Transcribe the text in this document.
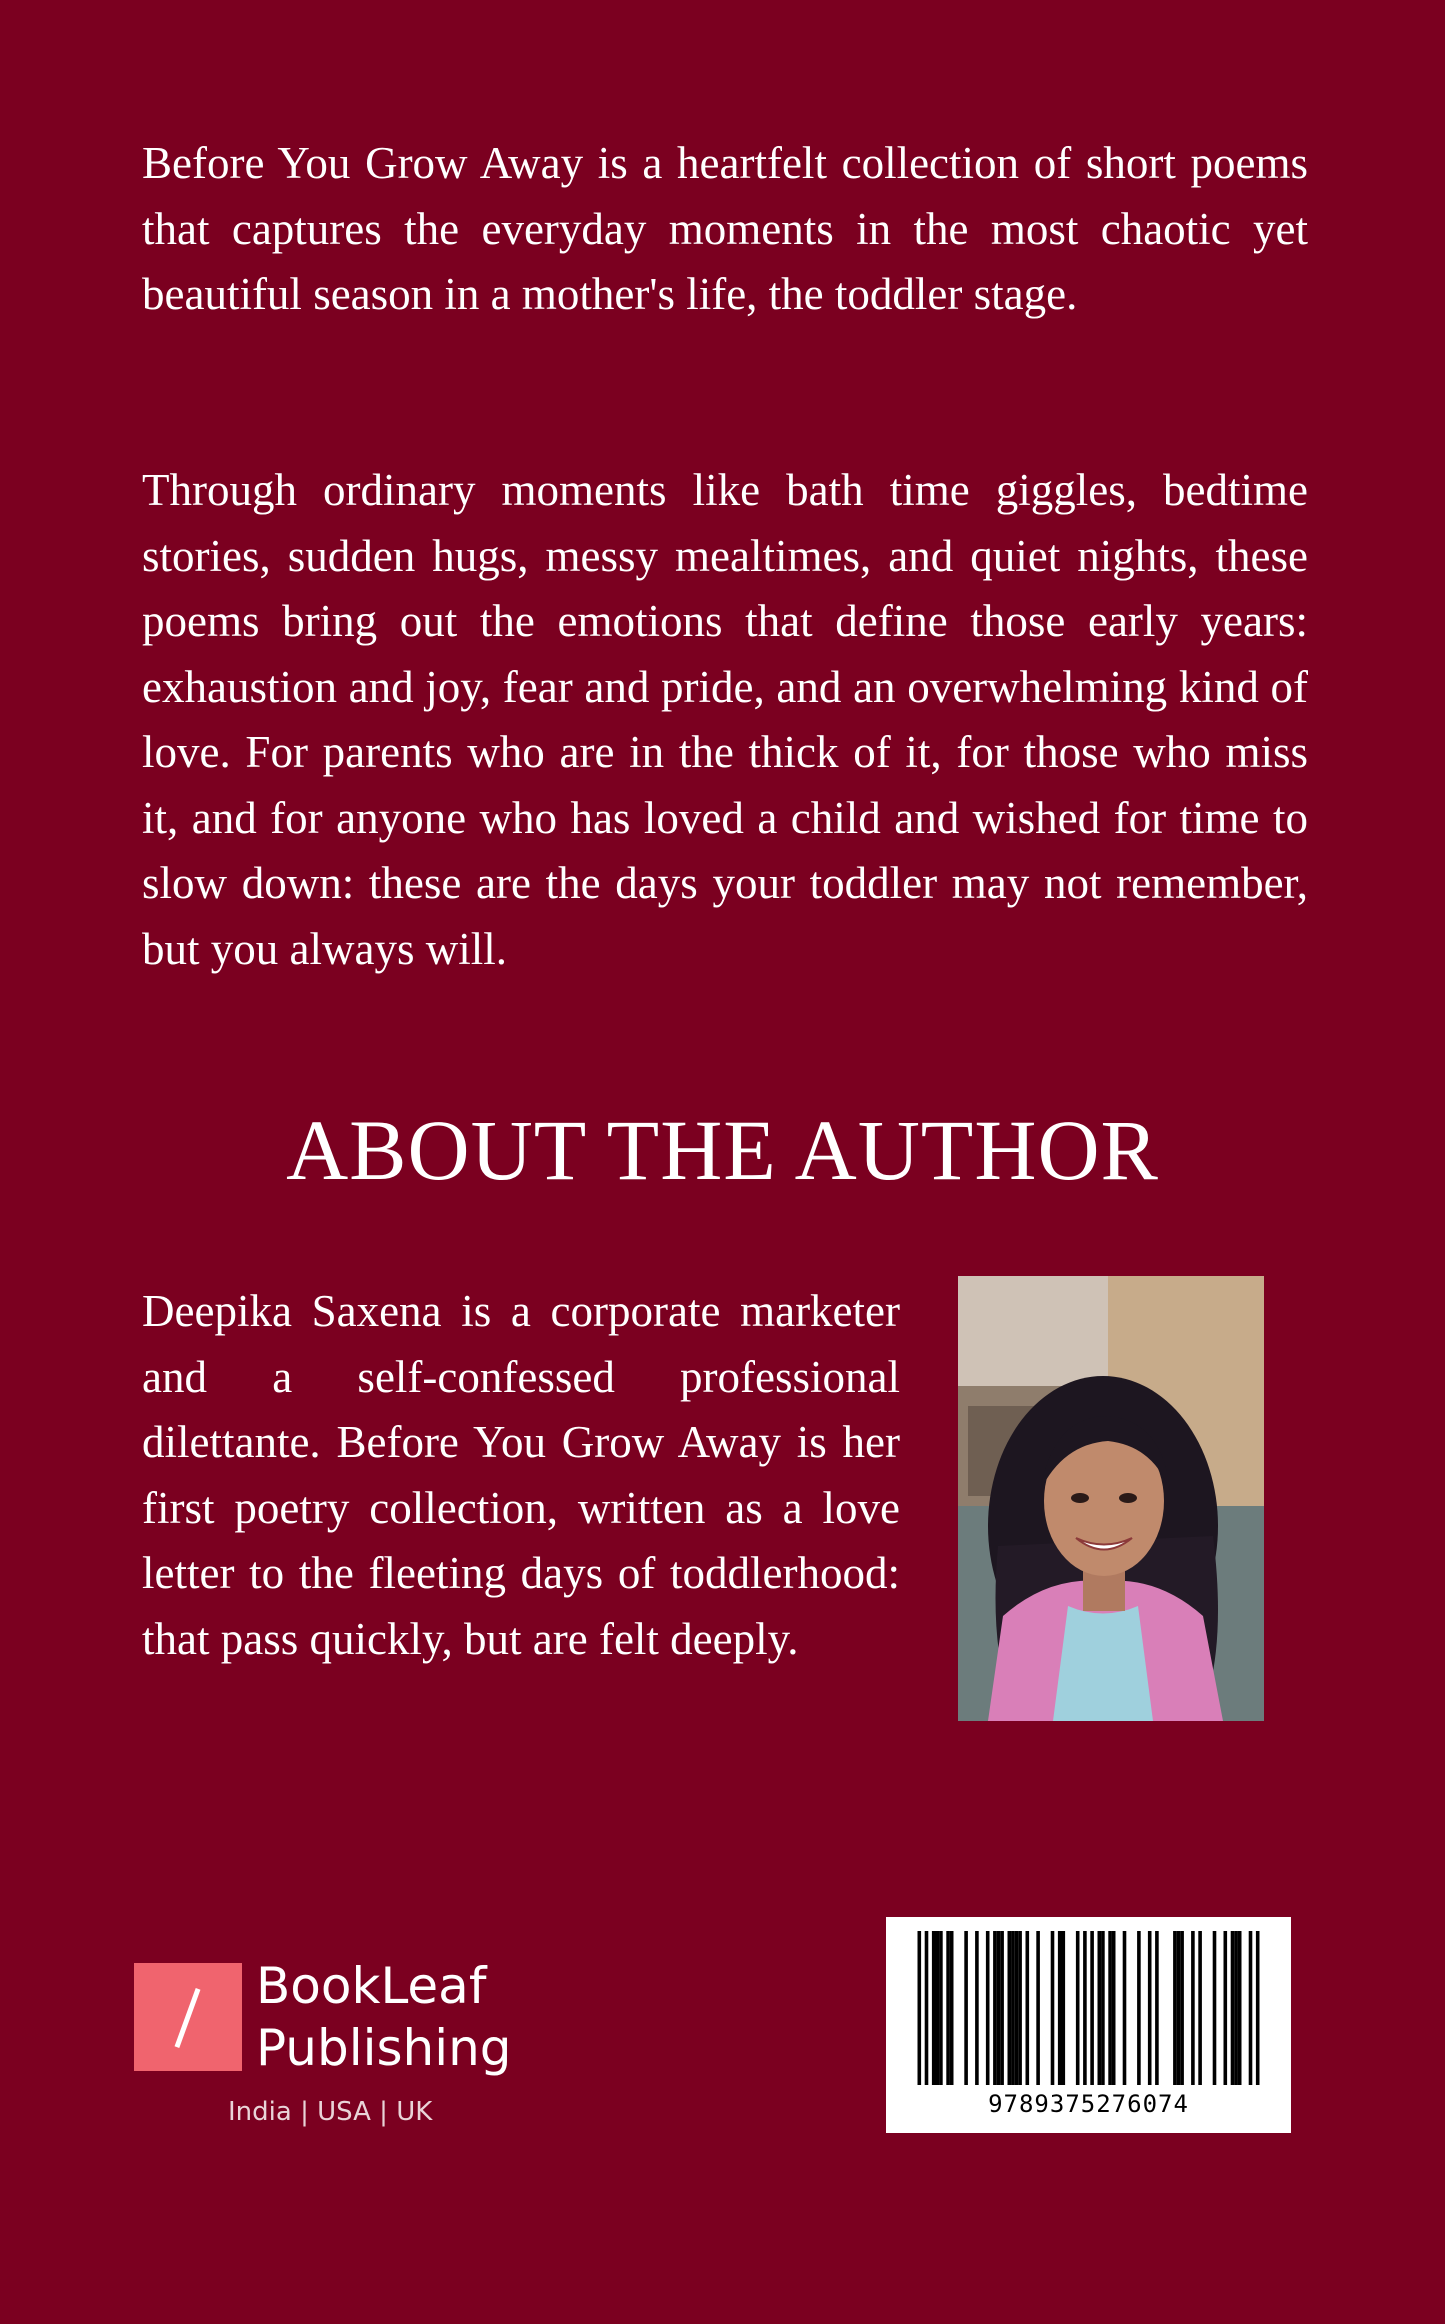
Before You Grow Away is a heartfelt collection of short poems that captures the everyday moments in the most chaotic yet beautiful season in a mother's life, the toddler stage.

Through ordinary moments like bath time giggles, bedtime stories, sudden hugs, messy mealtimes, and quiet nights, these poems bring out the emotions that define those early years: exhaustion and joy, fear and pride, and an overwhelming kind of love. For parents who are in the thick of it, for those who miss it, and for anyone who has loved a child and wished for time to slow down: these are the days your toddler may not remember, but you always will.

ABOUT THE AUTHOR

Deepika Saxena is a corporate marketer and a self-confessed professional dilettante. Before You Grow Away is her first poetry collection, written as a love letter to the fleeting days of toddlerhood: that pass quickly, but are felt deeply.

BookLeaf
Publishing
India | USA | UK	9789375276074
